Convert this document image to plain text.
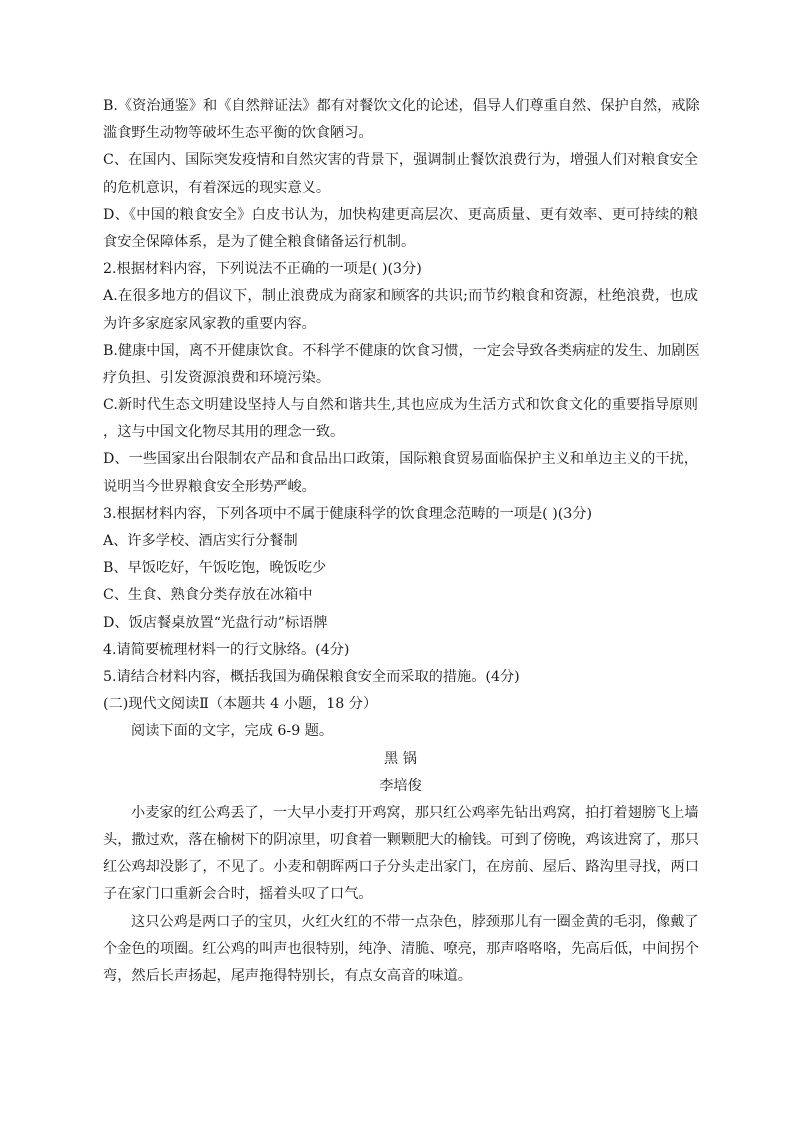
B.《资治通鉴》和《自然辩证法》都有对餐饮文化的论述，倡导人们尊重自然、保护自然，戒除
滥食野生动物等破坏生态平衡的饮食陋习。
C、在国内、国际突发疫情和自然灾害的背景下，强调制止餐饮浪费行为，增强人们对粮食安全
的危机意识，有着深远的现实意义。
D、《中国的粮食安全》白皮书认为，加快构建更高层次、更高质量、更有效率、更可持续的粮
食安全保障体系，是为了健全粮食储备运行机制。
2.根据材料内容，下列说法不正确的一项是( )(3分)
A.在很多地方的倡议下，制止浪费成为商家和顾客的共识;而节约粮食和资源，杜绝浪费，也成
为许多家庭家风家教的重要内容。
B.健康中国，离不开健康饮食。不科学不健康的饮食习惯，一定会导致各类病症的发生、加剧医
疗负担、引发资源浪费和环境污染。
C.新时代生态文明建设坚持人与自然和谐共生,其也应成为生活方式和饮食文化的重要指导原则
，这与中国文化物尽其用的理念一致。
D、一些国家出台限制农产品和食品出口政策，国际粮食贸易面临保护主义和单边主义的干扰，
说明当今世界粮食安全形势严峻。
3.根据材料内容，下列各项中不属于健康科学的饮食理念范畴的一项是( )(3分)
A、许多学校、酒店实行分餐制
B、早饭吃好，午饭吃饱，晚饭吃少
C、生食、熟食分类存放在冰箱中
D、饭店餐桌放置“光盘行动”标语牌
4.请简要梳理材料一的行文脉络。(4分)
5.请结合材料内容，概括我国为确保粮食安全而采取的措施。(4分)
(二)现代文阅读Ⅱ（本题共 4 小题，18 分）
阅读下面的文字，完成 6-9 题。
黑 锅
李培俊
小麦家的红公鸡丢了，一大早小麦打开鸡窝，那只红公鸡率先钻出鸡窝，拍打着翅膀飞上墙
头，撒过欢，落在榆树下的阴凉里，叨食着一颗颗肥大的榆钱。可到了傍晚，鸡该进窝了，那只
红公鸡却没影了，不见了。小麦和朝晖两口子分头走出家门，在房前、屋后、路沟里寻找，两口
子在家门口重新会合时，摇着头叹了口气。
这只公鸡是两口子的宝贝，火红火红的不带一点杂色，脖颈那儿有一圈金黄的毛羽，像戴了
个金色的项圈。红公鸡的叫声也很特别，纯净、清脆、嘹亮，那声咯咯咯，先高后低，中间拐个
弯，然后长声扬起，尾声拖得特别长，有点女高音的味道。
